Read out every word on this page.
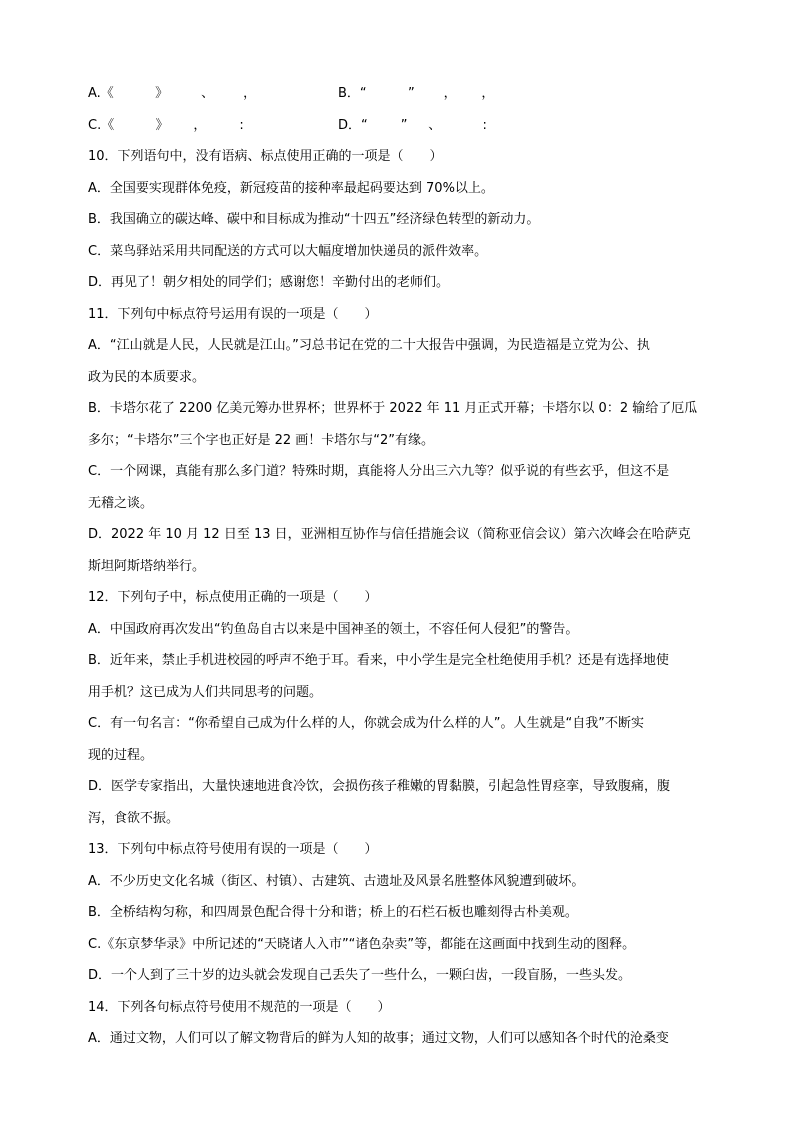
A.《          》        、       ，	B．“          ”       ，      ，
C.《          》      ，        :	D．“        ”     、          :
10．下列语句中，没有语病、标点使用正确的一项是（　　）
A．全国要实现群体免疫，新冠疫苗的接种率最起码要达到 70%以上。
B．我国确立的碳达峰、碳中和目标成为推动“十四五”经济绿色转型的新动力。
C．菜鸟驿站采用共同配送的方式可以大幅度增加快递员的派件效率。
D．再见了！朝夕相处的同学们；感谢您！辛勤付出的老师们。
11．下列句中标点符号运用有误的一项是（　　）
A．“江山就是人民，人民就是江山。”习总书记在党的二十大报告中强调，为民造福是立党为公、执
政为民的本质要求。
B．卡塔尔花了 2200 亿美元筹办世界杯；世界杯于 2022 年 11 月正式开幕；卡塔尔以 0：2 输给了厄瓜
多尔；“卡塔尔”三个字也正好是 22 画！卡塔尔与“2”有缘。
C．一个网课，真能有那么多门道？特殊时期，真能将人分出三六九等？似乎说的有些玄乎，但这不是
无稽之谈。
D．2022 年 10 月 12 日至 13 日，亚洲相互协作与信任措施会议（简称亚信会议）第六次峰会在哈萨克
斯坦阿斯塔纳举行。
12．下列句子中，标点使用正确的一项是（　　）
A．中国政府再次发出“钓鱼岛自古以来是中国神圣的领土，不容任何人侵犯”的警告。
B．近年来，禁止手机进校园的呼声不绝于耳。看来，中小学生是完全杜绝使用手机？还是有选择地使
用手机？这已成为人们共同思考的问题。
C．有一句名言：“你希望自己成为什么样的人，你就会成为什么样的人”。人生就是“自我”不断实
现的过程。
D．医学专家指出，大量快速地进食冷饮，会损伤孩子稚嫩的胃黏膜，引起急性胃痉挛，导致腹痛，腹
泻，食欲不振。
13．下列句中标点符号使用有误的一项是（　　）
A．不少历史文化名城（街区、村镇）、古建筑、古遗址及风景名胜整体风貌遭到破坏。
B．全桥结构匀称，和四周景色配合得十分和谐；桥上的石栏石板也雕刻得古朴美观。
C.《东京梦华录》中所记述的“天晓诸人入市”“诸色杂卖”等，都能在这画面中找到生动的图释。
D．一个人到了三十岁的边头就会发现自己丢失了一些什么，一颗臼齿，一段盲肠，一些头发。
14．下列各句标点符号使用不规范的一项是（　　）
A．通过文物，人们可以了解文物背后的鲜为人知的故事；通过文物，人们可以感知各个时代的沧桑变
